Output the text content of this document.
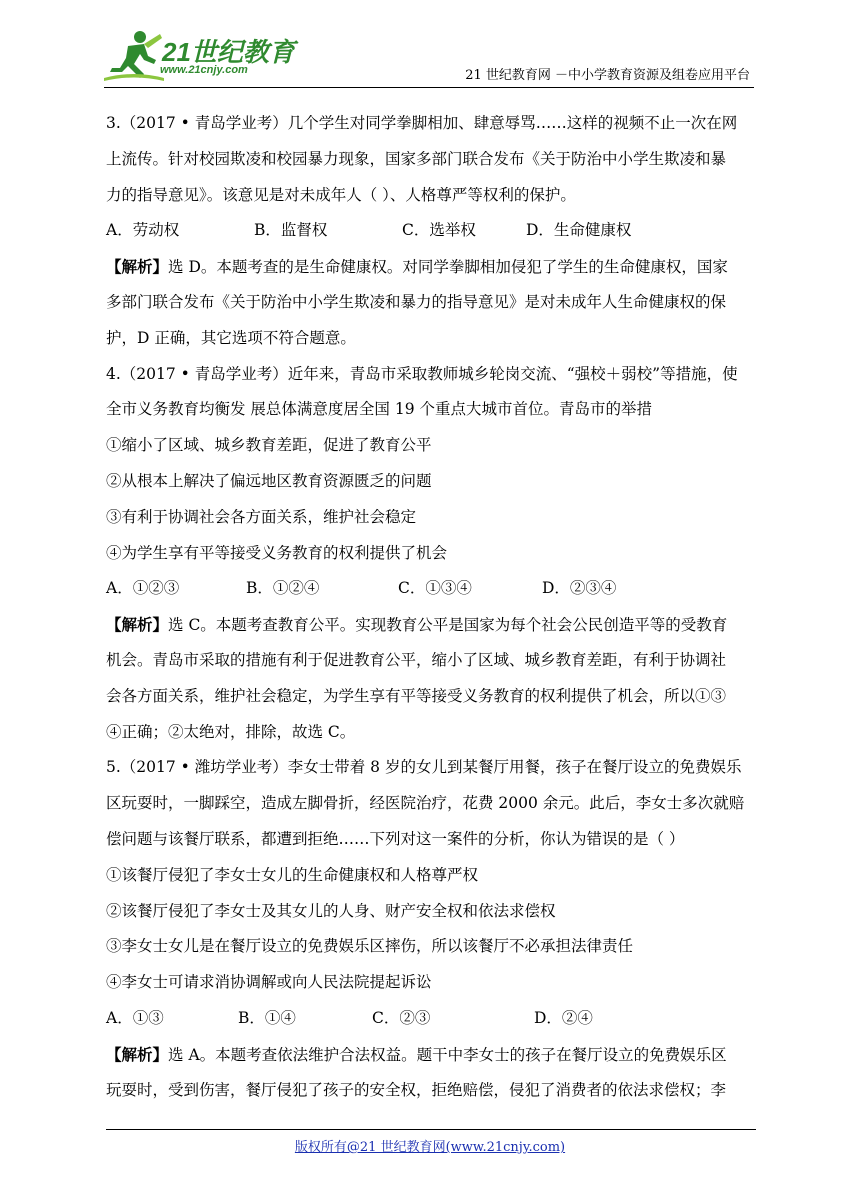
21世纪教育
www.21cnjy.com	21 世纪教育网 －中小学教育资源及组卷应用平台
3.（2017 • 青岛学业考）几个学生对同学拳脚相加、肆意辱骂……这样的视频不止一次在网
上流传。针对校园欺凌和校园暴力现象，国家多部门联合发布《关于防治中小学生欺凌和暴
力的指导意见》。该意见是对未成年人（ ）、人格尊严等权利的保护。
A．劳动权	B．监督权	C．选举权	D．生命健康权
【解析】选 D。本题考查的是生命健康权。对同学拳脚相加侵犯了学生的生命健康权，国家
多部门联合发布《关于防治中小学生欺凌和暴力的指导意见》是对未成年人生命健康权的保
护，D 正确，其它选项不符合题意。
4.（2017 • 青岛学业考）近年来，青岛市采取教师城乡轮岗交流、“强校＋弱校”等措施，使
全市义务教育均衡发 展总体满意度居全国 19 个重点大城市首位。青岛市的举措
①缩小了区域、城乡教育差距，促进了教育公平
②从根本上解决了偏远地区教育资源匮乏的问题
③有利于协调社会各方面关系，维护社会稳定
④为学生享有平等接受义务教育的权利提供了机会
A．①②③	B．①②④	C．①③④	D．②③④
【解析】选 C。本题考查教育公平。实现教育公平是国家为每个社会公民创造平等的受教育
机会。青岛市采取的措施有利于促进教育公平，缩小了区域、城乡教育差距，有利于协调社
会各方面关系，维护社会稳定，为学生享有平等接受义务教育的权利提供了机会，所以①③
④正确；②太绝对，排除，故选 C。
5.（2017 • 潍坊学业考）李女士带着 8 岁的女儿到某餐厅用餐，孩子在餐厅设立的免费娱乐
区玩耍时，一脚踩空，造成左脚骨折，经医院治疗，花费 2000 余元。此后，李女士多次就赔
偿问题与该餐厅联系，都遭到拒绝……下列对这一案件的分析，你认为错误的是（ ）
①该餐厅侵犯了李女士女儿的生命健康权和人格尊严权
②该餐厅侵犯了李女士及其女儿的人身、财产安全权和依法求偿权
③李女士女儿是在餐厅设立的免费娱乐区摔伤，所以该餐厅不必承担法律责任
④李女士可请求消协调解或向人民法院提起诉讼
A．①③	B．①④	C．②③	D．②④
【解析】选 A。本题考查依法维护合法权益。题干中李女士的孩子在餐厅设立的免费娱乐区
玩耍时，受到伤害，餐厅侵犯了孩子的安全权，拒绝赔偿，侵犯了消费者的依法求偿权；李
版权所有@21 世纪教育网(www.21cnjy.com)
